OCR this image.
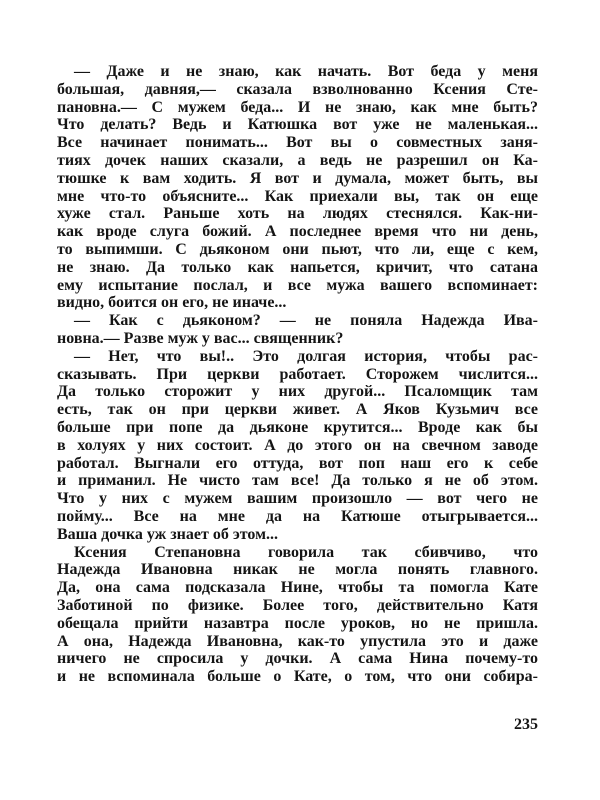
— Даже и не знаю, как начать. Вот беда у меня
большая, давняя,— сказала взволнованно Ксения Сте-
пановна.— С мужем беда... И не знаю, как мне быть?
Что делать? Ведь и Катюшка вот уже не маленькая...
Все начинает понимать... Вот вы о совместных заня-
тиях дочек наших сказали, а ведь не разрешил он Ка-
тюшке к вам ходить. Я вот и думала, может быть, вы
мне что-то объясните... Как приехали вы, так он еще
хуже стал. Раньше хоть на людях стеснялся. Как-ни-
как вроде слуга божий. А последнее время что ни день,
то выпимши. С дьяконом они пьют, что ли, еще с кем,
не знаю. Да только как напьется, кричит, что сатана
ему испытание послал, и все мужа вашего вспоминает:
видно, боится он его, не иначе...
— Как с дьяконом? — не поняла Надежда Ива-
новна.— Разве муж у вас... священник?
— Нет, что вы!.. Это долгая история, чтобы рас-
сказывать. При церкви работает. Сторожем числится...
Да только сторожит у них другой... Псаломщик там
есть, так он при церкви живет. А Яков Кузьмич все
больше при попе да дьяконе крутится... Вроде как бы
в холуях у них состоит. А до этого он на свечном заводе
работал. Выгнали его оттуда, вот поп наш его к себе
и приманил. Не чисто там все! Да только я не об этом.
Что у них с мужем вашим произошло — вот чего не
пойму... Все на мне да на Катюше отыгрывается...
Ваша дочка уж знает об этом...
Ксения Степановна говорила так сбивчиво, что
Надежда Ивановна никак не могла понять главного.
Да, она сама подсказала Нине, чтобы та помогла Кате
Заботиной по физике. Более того, действительно Катя
обещала прийти назавтра после уроков, но не пришла.
А она, Надежда Ивановна, как-то упустила это и даже
ничего не спросила у дочки. А сама Нина почему-то
и не вспоминала больше о Кате, о том, что они собира-
235
